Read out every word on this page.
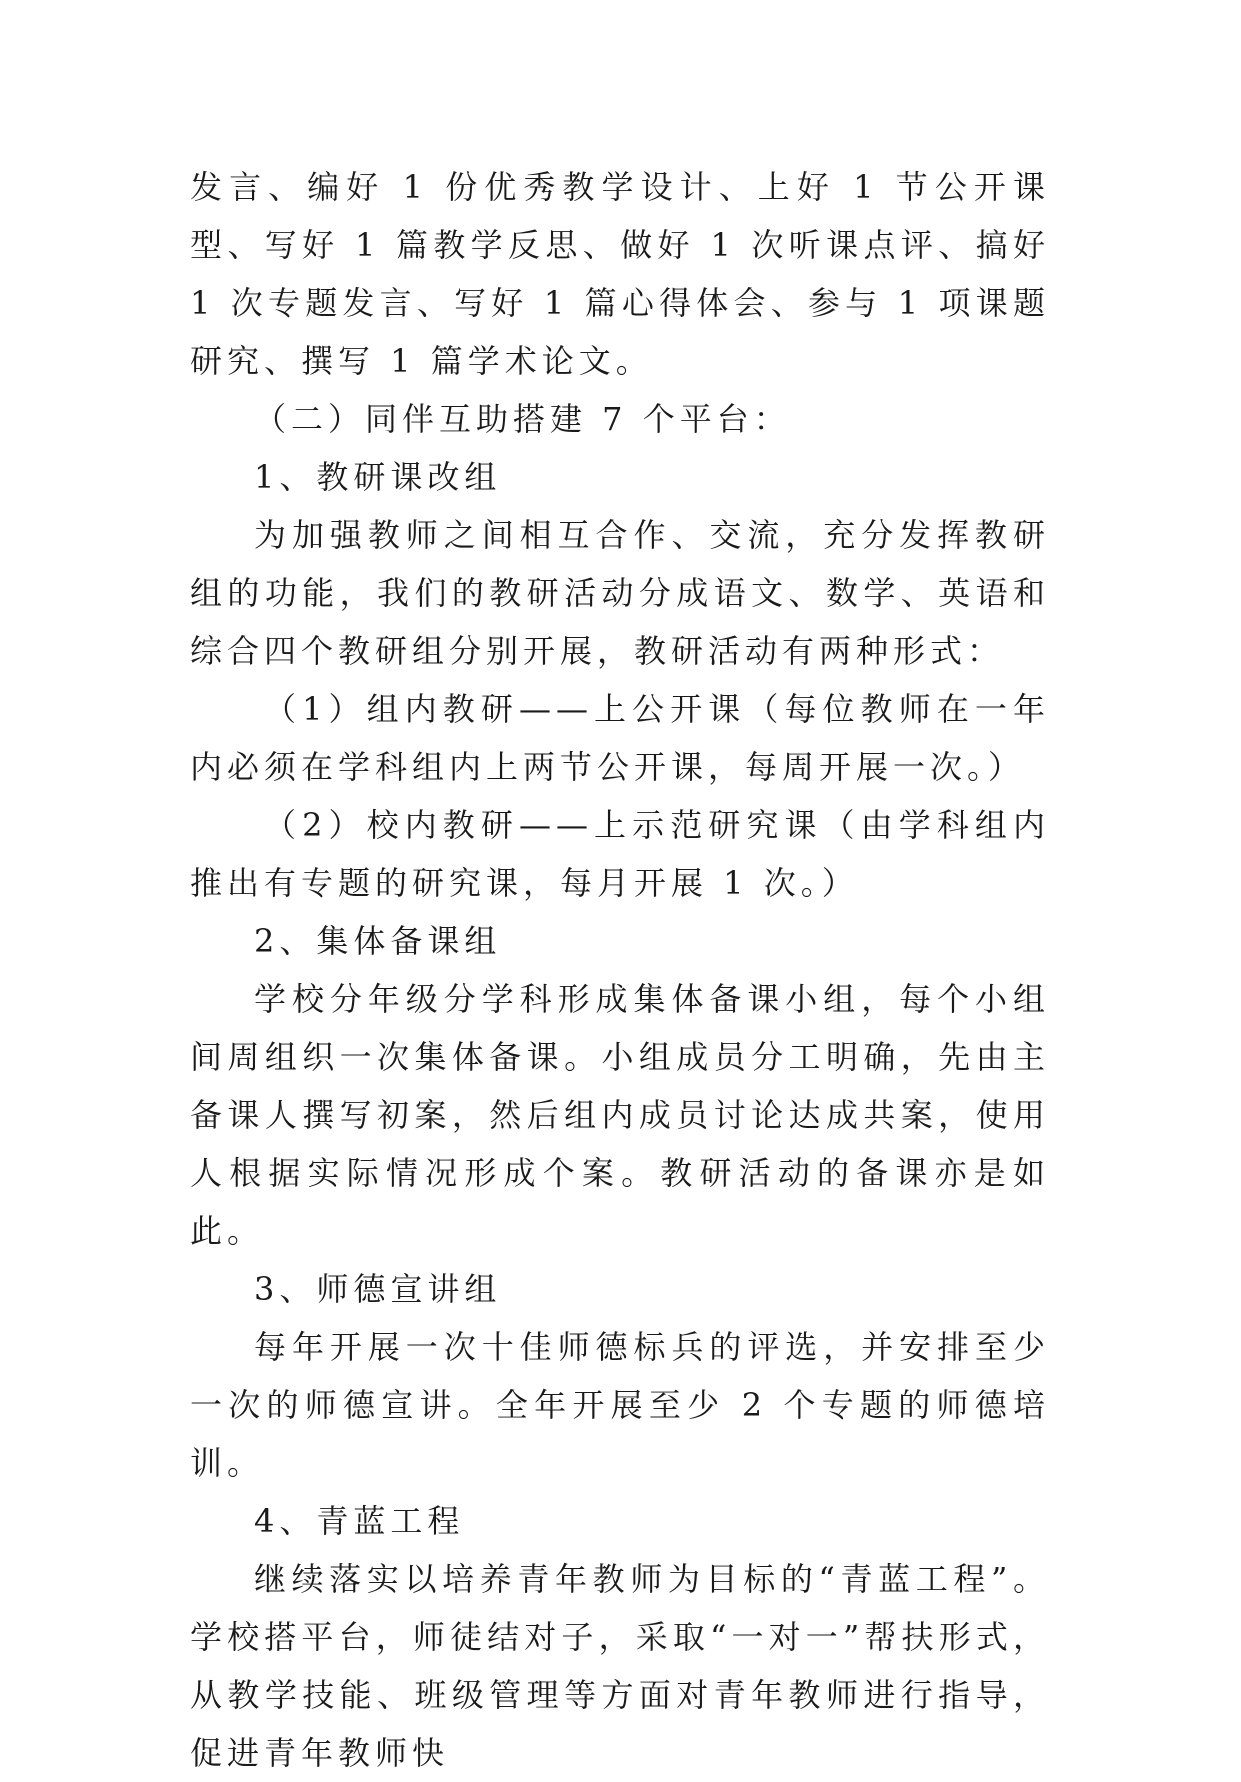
发言、编好 1 份优秀教学设计、上好 1 节公开课型、写好 1 篇教学反思、做好 1 次听课点评、搞好 1 次专题发言、写好 1 篇心得体会、参与 1 项课题研究、撰写 1 篇学术论文。

（二）同伴互助搭建 7 个平台：

1、教研课改组

为加强教师之间相互合作、交流，充分发挥教研组的功能，我们的教研活动分成语文、数学、英语和综合四个教研组分别开展，教研活动有两种形式：

（1）组内教研——上公开课（每位教师在一年内必须在学科组内上两节公开课，每周开展一次。）

（2）校内教研——上示范研究课（由学科组内推出有专题的研究课，每月开展 1 次。）

2、集体备课组

学校分年级分学科形成集体备课小组，每个小组间周组织一次集体备课。小组成员分工明确，先由主备课人撰写初案，然后组内成员讨论达成共案，使用人根据实际情况形成个案。教研活动的备课亦是如此。

3、师德宣讲组

每年开展一次十佳师德标兵的评选，并安排至少一次的师德宣讲。全年开展至少 2 个专题的师德培训。

4、青蓝工程

继续落实以培养青年教师为目标的“青蓝工程”。学校搭平台，师徒结对子，采取“一对一”帮扶形式，从教学技能、班级管理等方面对青年教师进行指导，促进青年教师快
